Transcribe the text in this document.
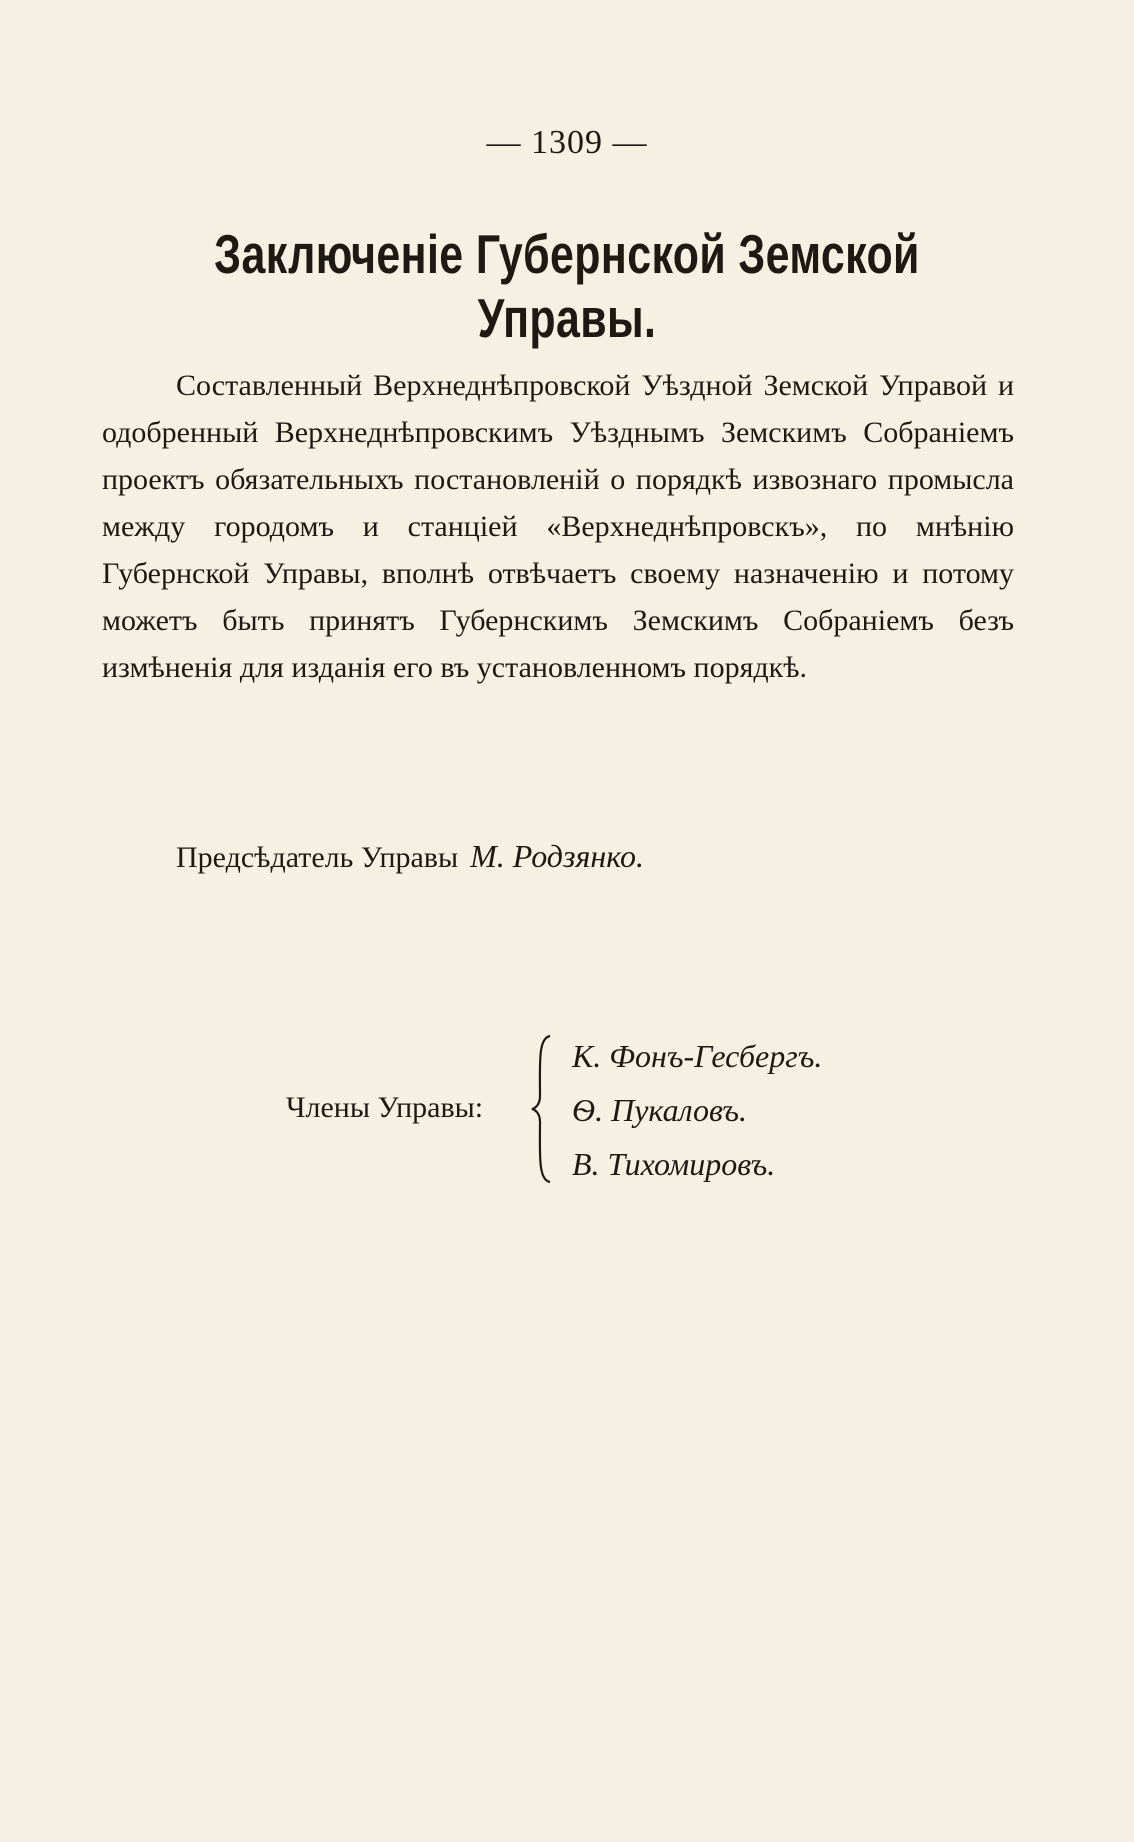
— 1309 —
Заключеніе Губернской Земской Управы.

Составленный Верхнеднѣпровской Уѣздной Земской Управой и одобренный Верхнеднѣпровскимъ Уѣзднымъ Земскимъ Собраніемъ проектъ обязательныхъ постановленій о порядкѣ извознаго промысла между городомъ и станціей «Верхнеднѣпровскъ», по мнѣнію Губернской Управы, вполнѣ отвѣчаетъ своему назначенію и потому можетъ быть принятъ Губернскимъ Земскимъ Собраніемъ безъ измѣненія для изданія его въ установленномъ порядкѣ.

Предсѣдатель Управы М. Родзянко.
Члены Управы:
К. Фонъ-Гесбергъ.
Ѳ. Пукаловъ.
В. Тихомировъ.
